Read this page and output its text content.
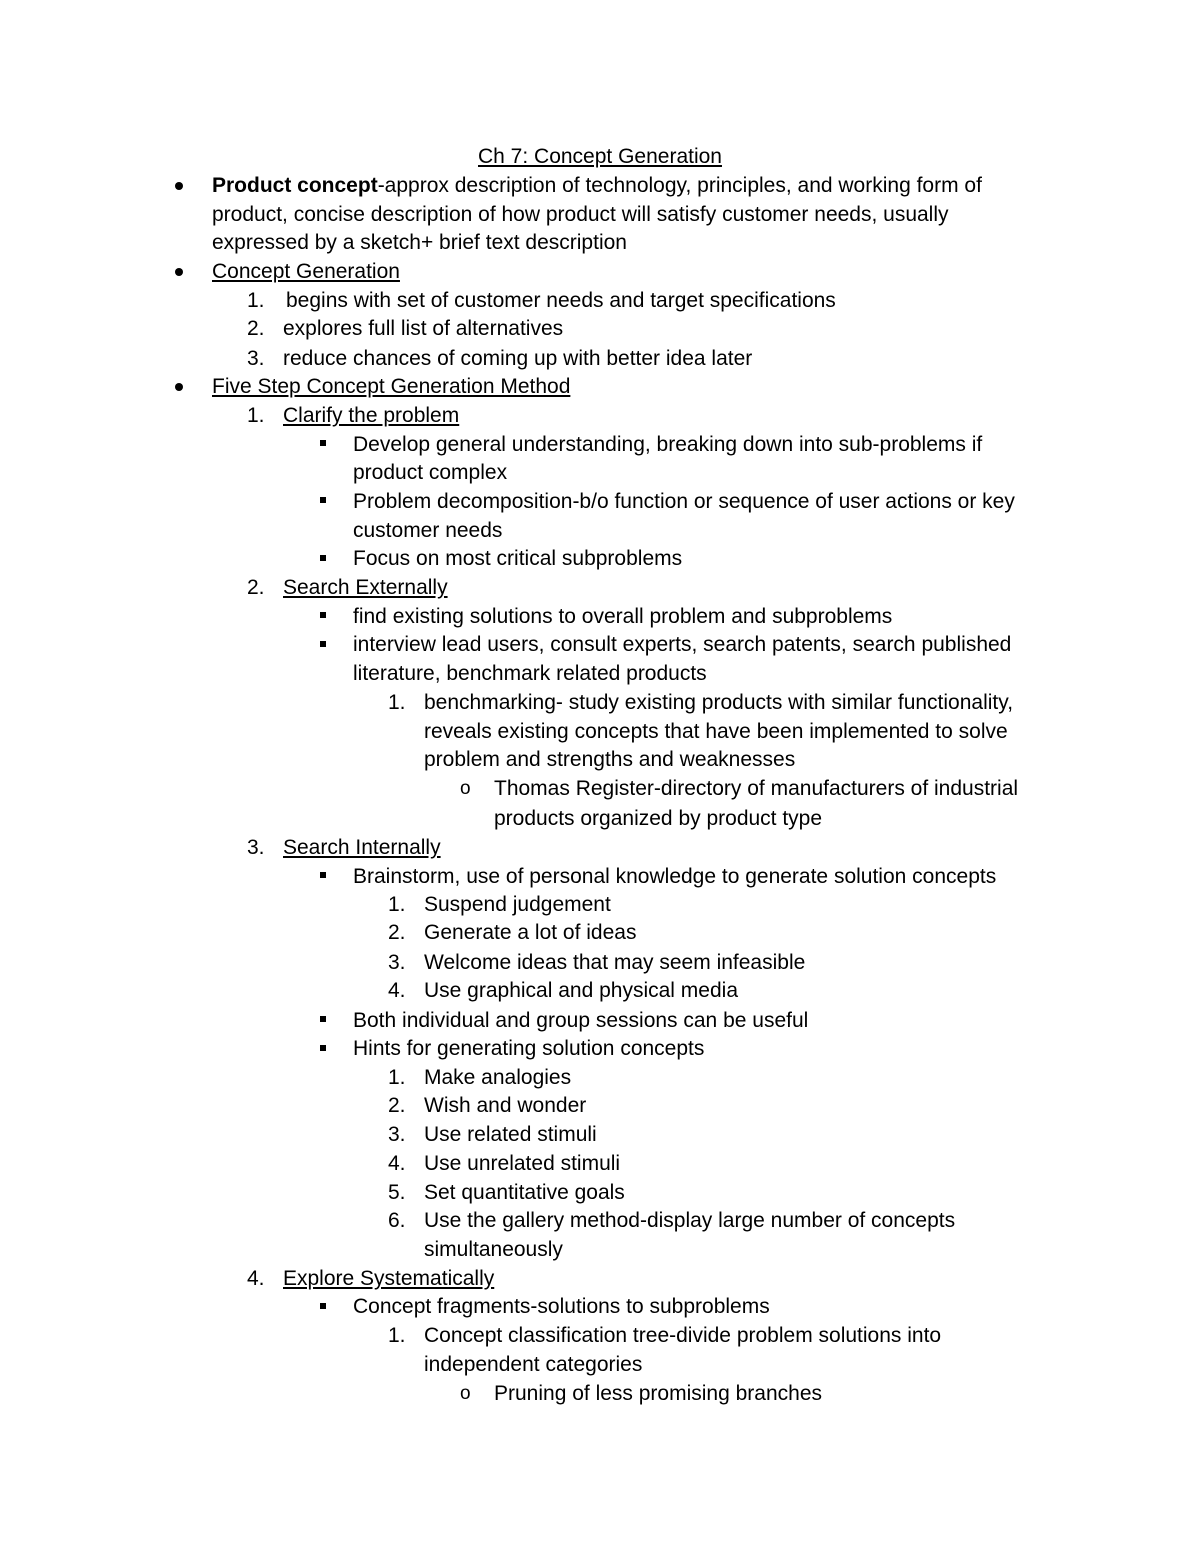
Ch 7: Concept Generation
Product concept-approx description of technology, principles, and working form of
product, concise description of how product will satisfy customer needs, usually
expressed by a sketch+ brief text description
Concept Generation
1. begins with set of customer needs and target specifications
2. explores full list of alternatives
3. reduce chances of coming up with better idea later
Five Step Concept Generation Method
1. Clarify the problem
Develop general understanding, breaking down into sub-problems if
product complex
Problem decomposition-b/o function or sequence of user actions or key
customer needs
Focus on most critical subproblems
2. Search Externally
find existing solutions to overall problem and subproblems
interview lead users, consult experts, search patents, search published
literature, benchmark related products
1. benchmarking- study existing products with similar functionality,
reveals existing concepts that have been implemented to solve
problem and strengths and weaknesses
o Thomas Register-directory of manufacturers of industrial
products organized by product type
3. Search Internally
Brainstorm, use of personal knowledge to generate solution concepts
1. Suspend judgement
2. Generate a lot of ideas
3. Welcome ideas that may seem infeasible
4. Use graphical and physical media
Both individual and group sessions can be useful
Hints for generating solution concepts
1. Make analogies
2. Wish and wonder
3. Use related stimuli
4. Use unrelated stimuli
5. Set quantitative goals
6. Use the gallery method-display large number of concepts
simultaneously
4. Explore Systematically
Concept fragments-solutions to subproblems
1. Concept classification tree-divide problem solutions into
independent categories
o Pruning of less promising branches
